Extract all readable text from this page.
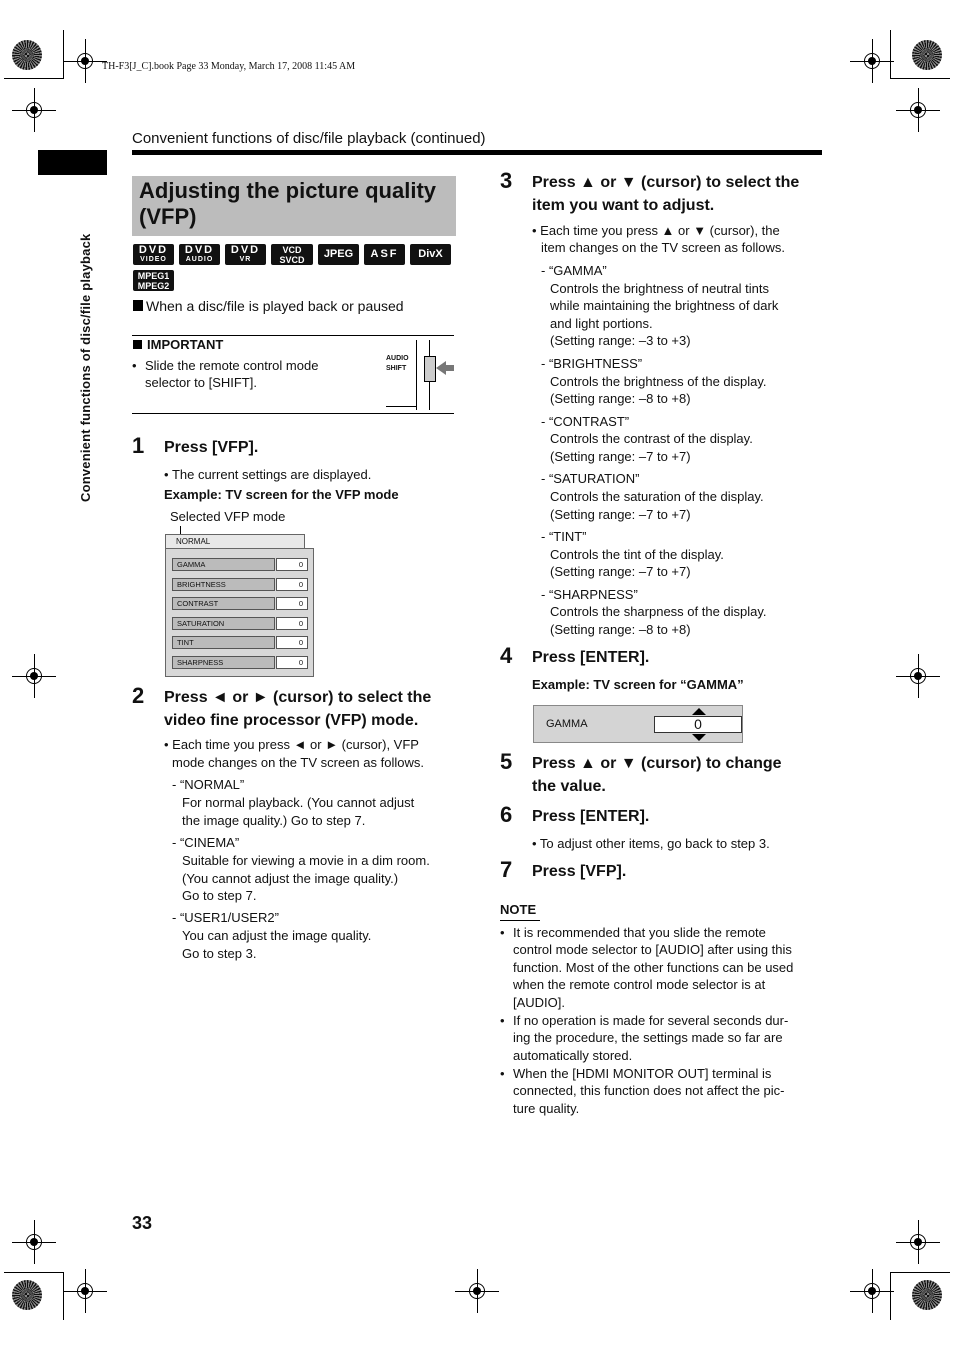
TH-F3[J_C].book Page 33 Monday, March 17, 2008 11:45 AM
Convenient functions of disc/file playback (continued)
Convenient functions of disc/file playback
Adjusting the picture quality (VFP)
DVD
VIDEO
DVD
AUDIO
DVD
VR
VCD
SVCD	JPEG	ASF	DivX
MPEG1
MPEG2
When a disc/file is played back or paused
IMPORTANT
• Slide the remote control mode selector to [SHIFT].
AUDIO
SHIFT
1 Press [VFP].
• The current settings are displayed.
Example: TV screen for the VFP mode
Selected VFP mode
NORMAL
GAMMA	0
BRIGHTNESS	0
CONTRAST	0
SATURATION	0
TINT	0
SHARPNESS	0
2 Press ◄ or ► (cursor) to select the
video fine processor (VFP) mode.
• Each time you press ◄ or ► (cursor), VFP
mode changes on the TV screen as follows.
- “NORMAL”
For normal playback. (You cannot adjust
the image quality.) Go to step 7.
- “CINEMA”
Suitable for viewing a movie in a dim room.
(You cannot adjust the image quality.)
Go to step 7.
- “USER1/USER2”
You can adjust the image quality.
Go to step 3.
3 Press ▲ or ▼ (cursor) to select the
item you want to adjust.
• Each time you press ▲ or ▼ (cursor), the
item changes on the TV screen as follows.
- “GAMMA”
Controls the brightness of neutral tints
while maintaining the brightness of dark
and light portions.
(Setting range: –3 to +3)
- “BRIGHTNESS”
Controls the brightness of the display.
(Setting range: –8 to +8)
- “CONTRAST”
Controls the contrast of the display.
(Setting range: –7 to +7)
- “SATURATION”
Controls the saturation of the display.
(Setting range: –7 to +7)
- “TINT”
Controls the tint of the display.
(Setting range: –7 to +7)
- “SHARPNESS”
Controls the sharpness of the display.
(Setting range: –8 to +8)
4 Press [ENTER].
Example: TV screen for “GAMMA”
GAMMA	0
5 Press ▲ or ▼ (cursor) to change
the value.
6 Press [ENTER].
• To adjust other items, go back to step 3.
7 Press [VFP].
NOTE
• It is recommended that you slide the remote
control mode selector to [AUDIO] after using this
function. Most of the other functions can be used
when the remote control mode selector is at
[AUDIO].
• If no operation is made for several seconds dur-
ing the procedure, the settings made so far are
automatically stored.
• When the [HDMI MONITOR OUT] terminal is
connected, this function does not affect the pic-
ture quality.
33
